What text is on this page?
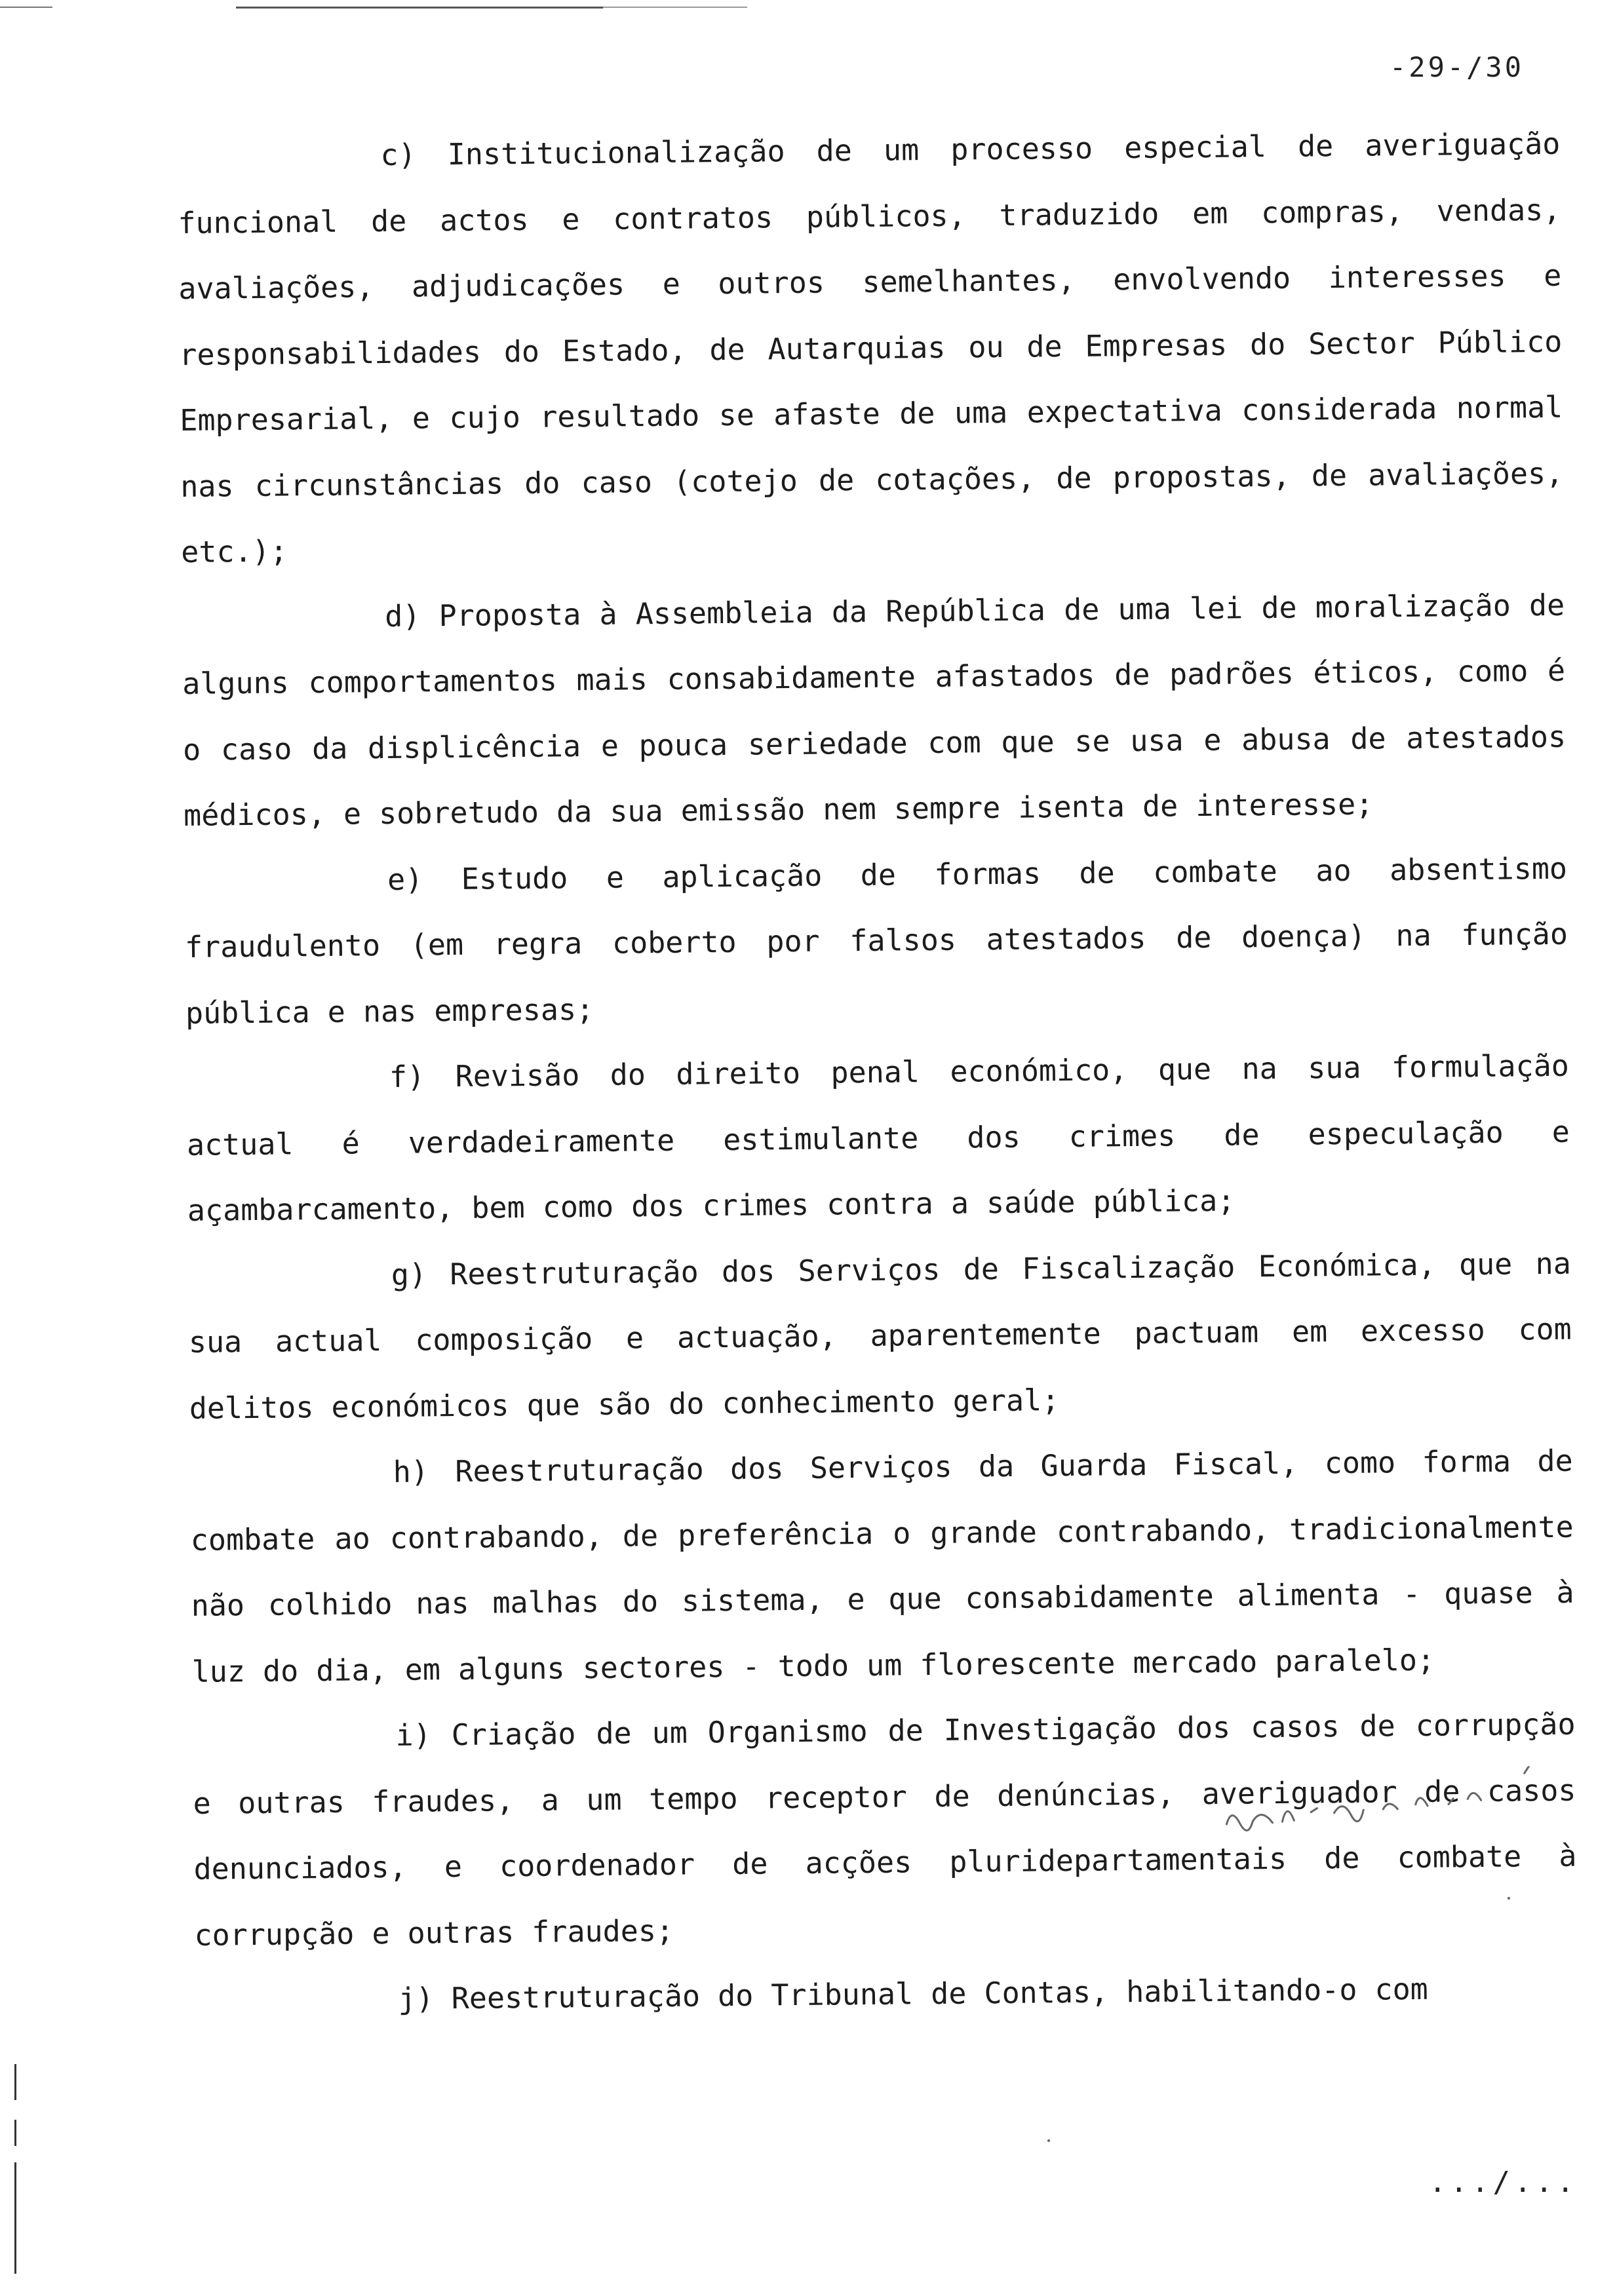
-29-/30

c) Institucionalização de um processo especial de averiguação funcional de actos e contratos públicos, traduzido em compras, vendas, avaliações, adjudicações e outros semelhantes, envolvendo interesses e responsabilidades do Estado, de Autarquias ou de Empresas do Sector Público Empresarial, e cujo resultado se afaste de uma expectativa considerada normal nas circunstâncias do caso (cotejo de cotações, de propostas, de avaliações, etc.);

d) Proposta à Assembleia da República de uma lei de moralização de alguns comportamentos mais consabidamente afastados de padrões éticos, como é o caso da displicência e pouca seriedade com que se usa e abusa de atestados médicos, e sobretudo da sua emissão nem sempre isenta de interesse;

e) Estudo e aplicação de formas de combate ao absentismo fraudulento (em regra coberto por falsos atestados de doença) na função pública e nas empresas;

f) Revisão do direito penal económico, que na sua formulação actual é verdadeiramente estimulante dos crimes de especulação e açambarcamento, bem como dos crimes contra a saúde pública;

g) Reestruturação dos Serviços de Fiscalização Económica, que na sua actual composição e actuação, aparentemente pactuam em excesso com delitos económicos que são do conhecimento geral;

h) Reestruturação dos Serviços da Guarda Fiscal, como forma de combate ao contrabando, de preferência o grande contrabando, tradicionalmente não colhido nas malhas do sistema, e que consabidamente alimenta - quase à luz do dia, em alguns sectores - todo um florescente mercado paralelo;

i) Criação de um Organismo de Investigação dos casos de corrupção e outras fraudes, a um tempo receptor de denúncias, averiguador de casos denunciados, e coordenador de acções pluridepartamentais de combate à corrupção e outras fraudes;

j) Reestruturação do Tribunal de Contas, habilitando-o com

.../...
